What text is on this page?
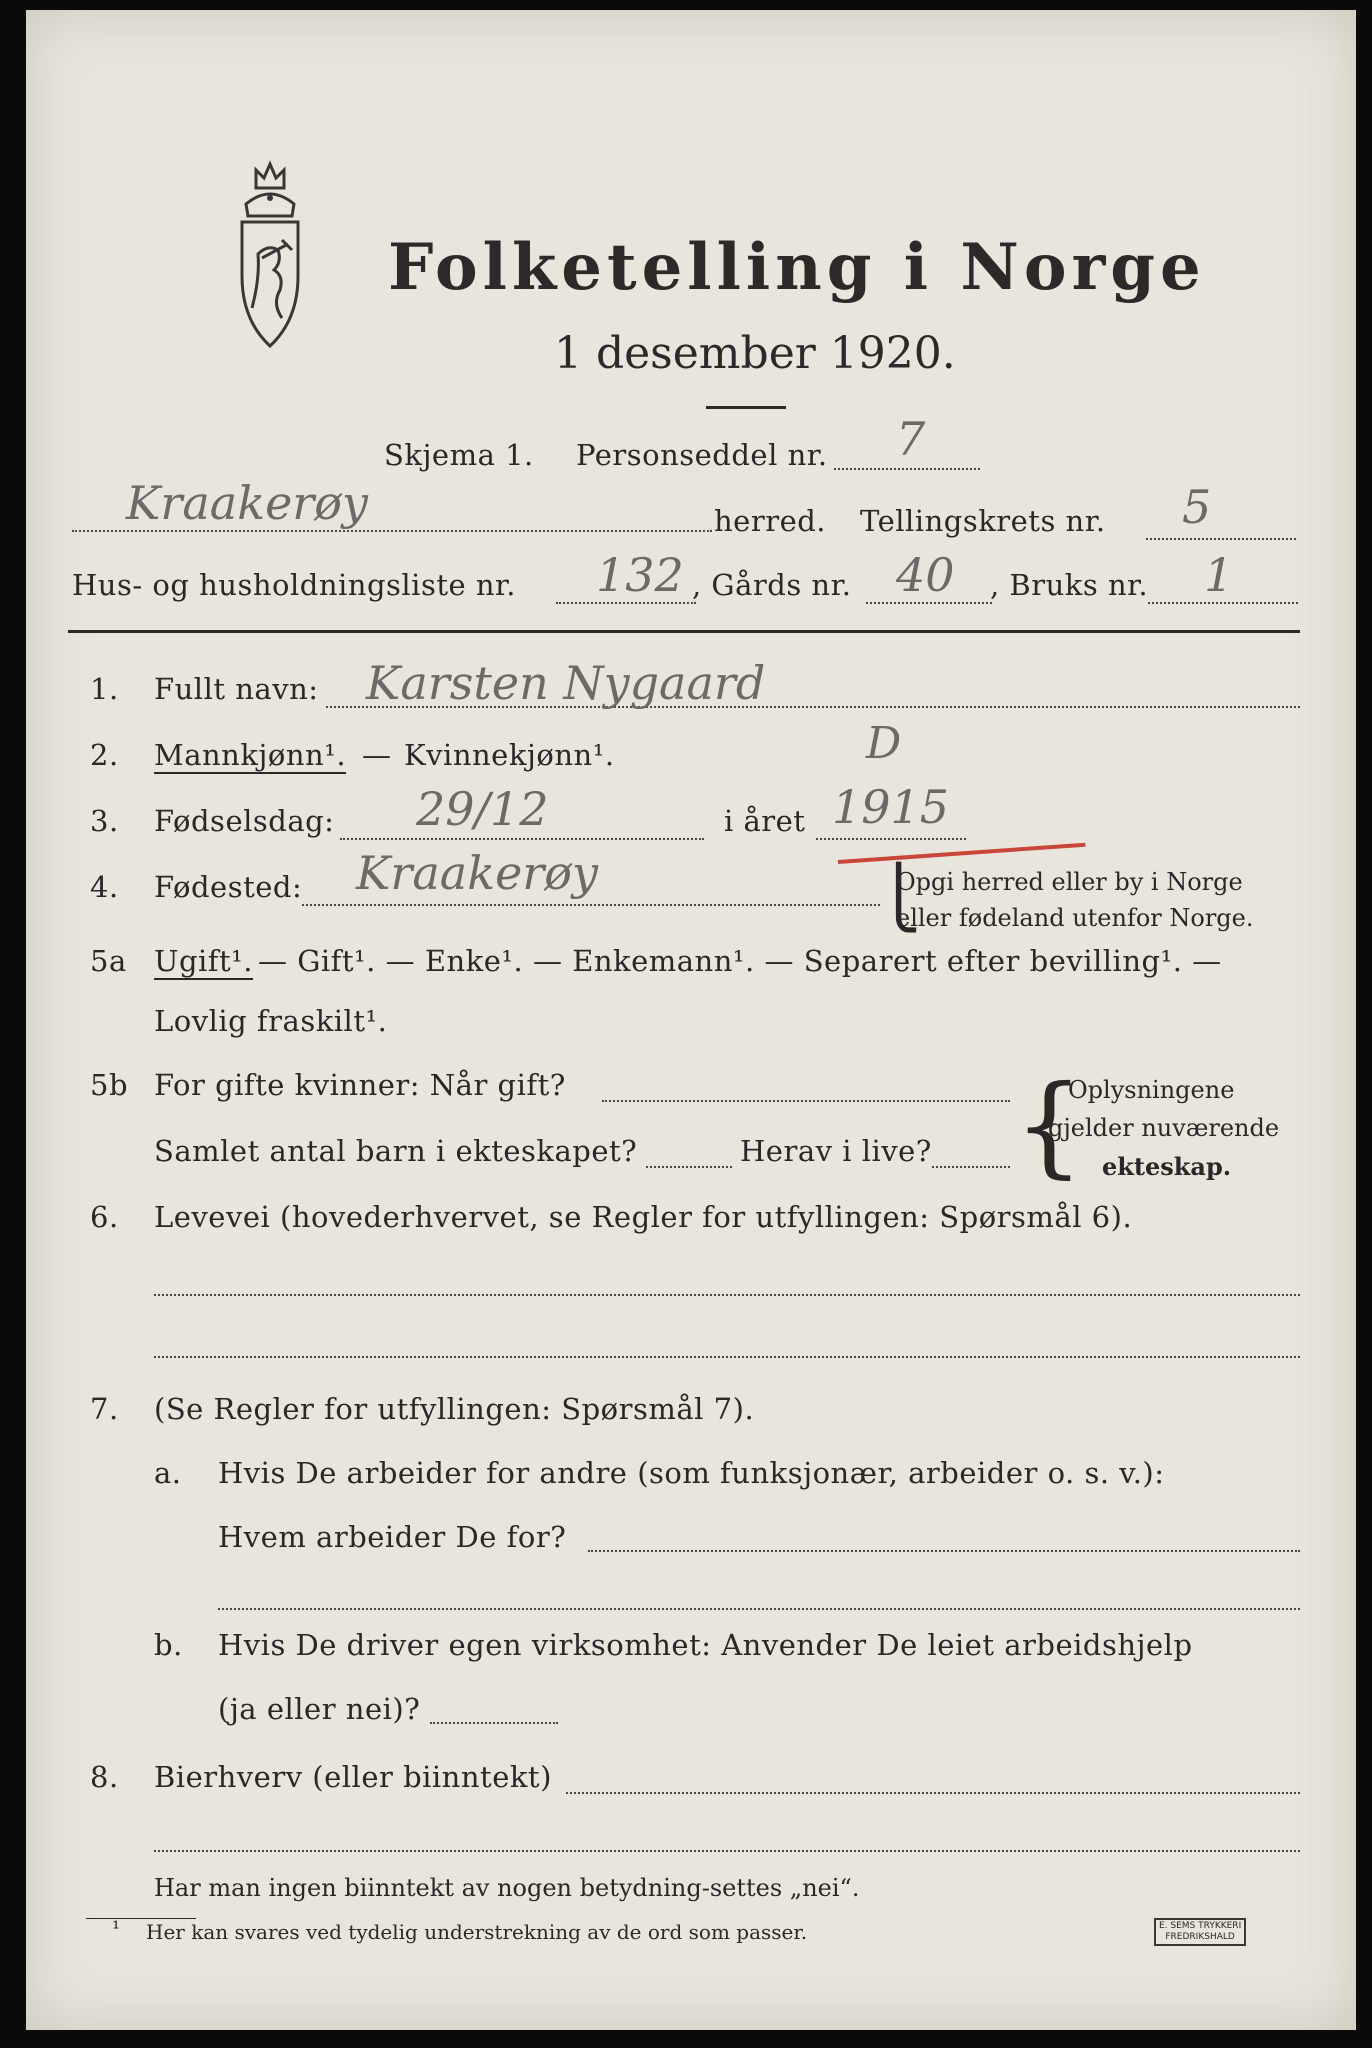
Folketelling i Norge
1 desember 1920.
Skjema 1. Personseddel nr. 7
Kraakerøy	herred. Tellingskrets nr. 5
Hus- og husholdningsliste nr. 132 , Gårds nr. 40 , Bruks nr. 1
1. Fullt navn: Karsten Nygaard
2. Mannkjønn¹. — Kvinnekjønn¹.	D
3. Fødselsdag: 29/12	i året 1915
4. Fødested: Kraakerøy	⎩
Opgi herred eller by i Norge
eller fødeland utenfor Norge.
5a Ugift¹. — Gift¹. — Enke¹. — Enkemann¹. — Separert efter bevilling¹. —
Lovlig fraskilt¹.
5b For gifte kvinner: Når gift?
Samlet antal barn i ekteskapet?	Herav i live? {
Oplysningene
gjelder nuværende
ekteskap.
6. Levevei (hovederhvervet, se Regler for utfyllingen: Spørsmål 6).
7. (Se Regler for utfyllingen: Spørsmål 7).
a. Hvis De arbeider for andre (som funksjonær, arbeider o. s. v.):
Hvem arbeider De for?
b. Hvis De driver egen virksomhet: Anvender De leiet arbeidshjelp
(ja eller nei)?
8. Bierhverv (eller biinntekt)
Har man ingen biinntekt av nogen betydning-settes „nei“.
¹ Her kan svares ved tydelig understrekning av de ord som passer.	E. SEMS TRYKKERI
FREDRIKSHALD
